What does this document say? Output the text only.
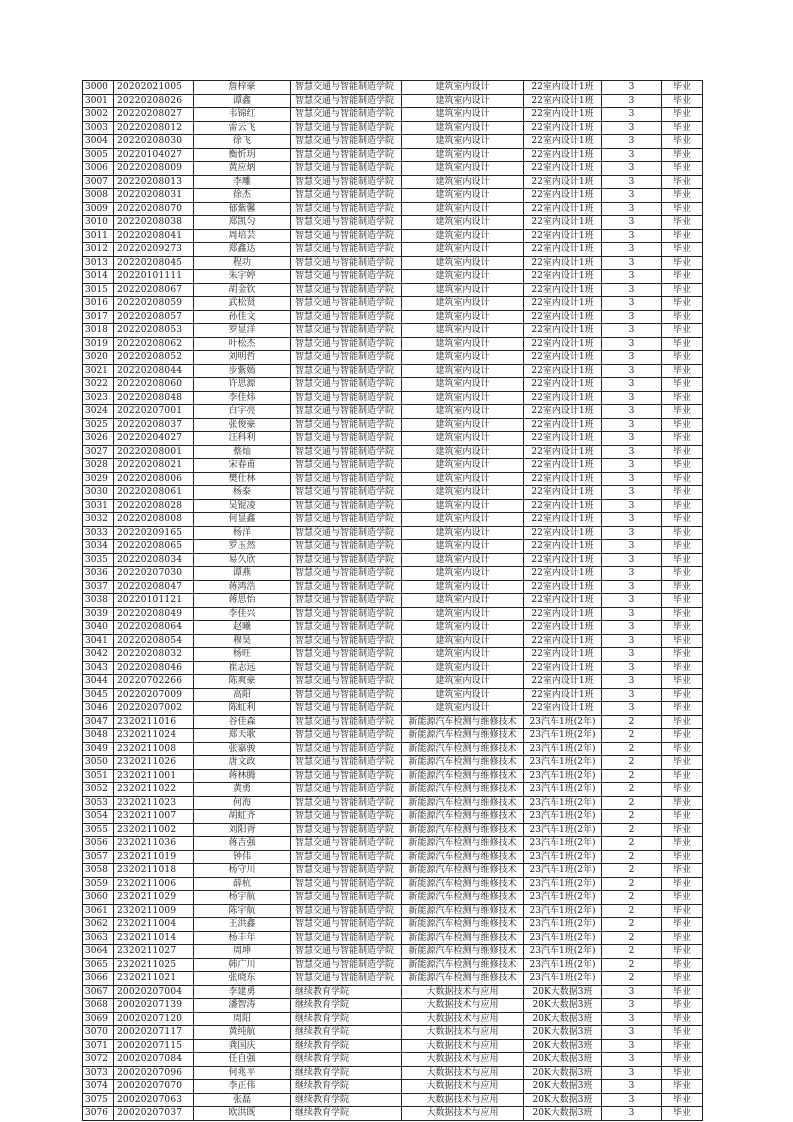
3000	20202021005	詹梓豪	智慧交通与智能制造学院	建筑室内设计	22室内设计1班	3	毕业
3001	20220208026	谭鑫	智慧交通与智能制造学院	建筑室内设计	22室内设计1班	3	毕业
3002	20220208027	韦锦红	智慧交通与智能制造学院	建筑室内设计	22室内设计1班	3	毕业
3003	20220208012	雷云飞	智慧交通与智能制造学院	建筑室内设计	22室内设计1班	3	毕业
3004	20220208030	徐飞	智慧交通与智能制造学院	建筑室内设计	22室内设计1班	3	毕业
3005	20220104027	衡忻玥	智慧交通与智能制造学院	建筑室内设计	22室内设计1班	3	毕业
3006	20220208009	黄应炳	智慧交通与智能制造学院	建筑室内设计	22室内设计1班	3	毕业
3007	20220208013	李雕	智慧交通与智能制造学院	建筑室内设计	22室内设计1班	3	毕业
3008	20220208031	徐杰	智慧交通与智能制造学院	建筑室内设计	22室内设计1班	3	毕业
3009	20220208070	郁紫馨	智慧交通与智能制造学院	建筑室内设计	22室内设计1班	3	毕业
3010	20220208038	郑凯匀	智慧交通与智能制造学院	建筑室内设计	22室内设计1班	3	毕业
3011	20220208041	周培芸	智慧交通与智能制造学院	建筑室内设计	22室内设计1班	3	毕业
3012	20220209273	郑鑫达	智慧交通与智能制造学院	建筑室内设计	22室内设计1班	3	毕业
3013	20220208045	程功	智慧交通与智能制造学院	建筑室内设计	22室内设计1班	3	毕业
3014	20220101111	朱宇婷	智慧交通与智能制造学院	建筑室内设计	22室内设计1班	3	毕业
3015	20220208067	胡金钦	智慧交通与智能制造学院	建筑室内设计	22室内设计1班	3	毕业
3016	20220208059	武松贤	智慧交通与智能制造学院	建筑室内设计	22室内设计1班	3	毕业
3017	20220208057	孙佳文	智慧交通与智能制造学院	建筑室内设计	22室内设计1班	3	毕业
3018	20220208053	罗显洋	智慧交通与智能制造学院	建筑室内设计	22室内设计1班	3	毕业
3019	20220208062	叶松杰	智慧交通与智能制造学院	建筑室内设计	22室内设计1班	3	毕业
3020	20220208052	刘明哲	智慧交通与智能制造学院	建筑室内设计	22室内设计1班	3	毕业
3021	20220208044	步紫嫣	智慧交通与智能制造学院	建筑室内设计	22室内设计1班	3	毕业
3022	20220208060	许思源	智慧交通与智能制造学院	建筑室内设计	22室内设计1班	3	毕业
3023	20220208048	李佳炜	智慧交通与智能制造学院	建筑室内设计	22室内设计1班	3	毕业
3024	20220207001	白宇亮	智慧交通与智能制造学院	建筑室内设计	22室内设计1班	3	毕业
3025	20220208037	张俊豪	智慧交通与智能制造学院	建筑室内设计	22室内设计1班	3	毕业
3026	20220204027	汪科利	智慧交通与智能制造学院	建筑室内设计	22室内设计1班	3	毕业
3027	20220208001	蔡灿	智慧交通与智能制造学院	建筑室内设计	22室内设计1班	3	毕业
3028	20220208021	宋春甫	智慧交通与智能制造学院	建筑室内设计	22室内设计1班	3	毕业
3029	20220208006	樊仕林	智慧交通与智能制造学院	建筑室内设计	22室内设计1班	3	毕业
3030	20220208061	杨泰	智慧交通与智能制造学院	建筑室内设计	22室内设计1班	3	毕业
3031	20220208028	吴锟凌	智慧交通与智能制造学院	建筑室内设计	22室内设计1班	3	毕业
3032	20220208008	何显鑫	智慧交通与智能制造学院	建筑室内设计	22室内设计1班	3	毕业
3033	20220209165	杨洋	智慧交通与智能制造学院	建筑室内设计	22室内设计1班	3	毕业
3034	20220208065	罗玉然	智慧交通与智能制造学院	建筑室内设计	22室内设计1班	3	毕业
3035	20220208034	易久欣	智慧交通与智能制造学院	建筑室内设计	22室内设计1班	3	毕业
3036	20220207030	谭燕	智慧交通与智能制造学院	建筑室内设计	22室内设计1班	3	毕业
3037	20220208047	蒋鸿浩	智慧交通与智能制造学院	建筑室内设计	22室内设计1班	3	毕业
3038	20220101121	蒋思怡	智慧交通与智能制造学院	建筑室内设计	22室内设计1班	3	毕业
3039	20220208049	李佳兴	智慧交通与智能制造学院	建筑室内设计	22室内设计1班	3	毕业
3040	20220208064	赵曦	智慧交通与智能制造学院	建筑室内设计	22室内设计1班	3	毕业
3041	20220208054	穆昊	智慧交通与智能制造学院	建筑室内设计	22室内设计1班	3	毕业
3042	20220208032	杨旺	智慧交通与智能制造学院	建筑室内设计	22室内设计1班	3	毕业
3043	20220208046	崔志远	智慧交通与智能制造学院	建筑室内设计	22室内设计1班	3	毕业
3044	20220702266	陈爽豪	智慧交通与智能制造学院	建筑室内设计	22室内设计1班	3	毕业
3045	20220207009	高阳	智慧交通与智能制造学院	建筑室内设计	22室内设计1班	3	毕业
3046	20220207002	陈虹利	智慧交通与智能制造学院	建筑室内设计	22室内设计1班	3	毕业
3047	2320211016	谷佳森	智慧交通与智能制造学院	新能源汽车检测与维修技术	23汽车1班(2年)	2	毕业
3048	2320211024	郑天歌	智慧交通与智能制造学院	新能源汽车检测与维修技术	23汽车1班(2年)	2	毕业
3049	2320211008	张嘉骏	智慧交通与智能制造学院	新能源汽车检测与维修技术	23汽车1班(2年)	2	毕业
3050	2320211026	唐文政	智慧交通与智能制造学院	新能源汽车检测与维修技术	23汽车1班(2年)	2	毕业
3051	2320211001	蒋林腾	智慧交通与智能制造学院	新能源汽车检测与维修技术	23汽车1班(2年)	2	毕业
3052	2320211022	黄勇	智慧交通与智能制造学院	新能源汽车检测与维修技术	23汽车1班(2年)	2	毕业
3053	2320211023	何海	智慧交通与智能制造学院	新能源汽车检测与维修技术	23汽车1班(2年)	2	毕业
3054	2320211007	胡虹齐	智慧交通与智能制造学院	新能源汽车检测与维修技术	23汽车1班(2年)	2	毕业
3055	2320211002	刘阳胥	智慧交通与智能制造学院	新能源汽车检测与维修技术	23汽车1班(2年)	2	毕业
3056	2320211036	蒋吉强	智慧交通与智能制造学院	新能源汽车检测与维修技术	23汽车1班(2年)	2	毕业
3057	2320211019	钟伟	智慧交通与智能制造学院	新能源汽车检测与维修技术	23汽车1班(2年)	2	毕业
3058	2320211018	杨守川	智慧交通与智能制造学院	新能源汽车检测与维修技术	23汽车1班(2年)	2	毕业
3059	2320211006	薛杭	智慧交通与智能制造学院	新能源汽车检测与维修技术	23汽车1班(2年)	2	毕业
3060	2320211029	杨宇航	智慧交通与智能制造学院	新能源汽车检测与维修技术	23汽车1班(2年)	2	毕业
3061	2320211009	陈宇航	智慧交通与智能制造学院	新能源汽车检测与维修技术	23汽车1班(2年)	2	毕业
3062	2320211004	王洪鑫	智慧交通与智能制造学院	新能源汽车检测与维修技术	23汽车1班(2年)	2	毕业
3063	2320211014	杨丰年	智慧交通与智能制造学院	新能源汽车检测与维修技术	23汽车1班(2年)	2	毕业
3064	2320211027	周坤	智慧交通与智能制造学院	新能源汽车检测与维修技术	23汽车1班(2年)	2	毕业
3065	2320211025	韩广川	智慧交通与智能制造学院	新能源汽车检测与维修技术	23汽车1班(2年)	2	毕业
3066	2320211021	张晓东	智慧交通与智能制造学院	新能源汽车检测与维修技术	23汽车1班(2年)	2	毕业
3067	20020207004	李建勇	继续教育学院	大数据技术与应用	20K大数据3班	3	毕业
3068	20020207139	潘智涛	继续教育学院	大数据技术与应用	20K大数据3班	3	毕业
3069	20020207120	周阳	继续教育学院	大数据技术与应用	20K大数据3班	3	毕业
3070	20020207117	黄纯航	继续教育学院	大数据技术与应用	20K大数据3班	3	毕业
3071	20020207115	龚国庆	继续教育学院	大数据技术与应用	20K大数据3班	3	毕业
3072	20020207084	任自强	继续教育学院	大数据技术与应用	20K大数据3班	3	毕业
3073	20020207096	何兆平	继续教育学院	大数据技术与应用	20K大数据3班	3	毕业
3074	20020207070	李正伟	继续教育学院	大数据技术与应用	20K大数据3班	3	毕业
3075	20020207063	张磊	继续教育学院	大数据技术与应用	20K大数据3班	3	毕业
3076	20020207037	欧洪既	继续教育学院	大数据技术与应用	20K大数据3班	3	毕业
